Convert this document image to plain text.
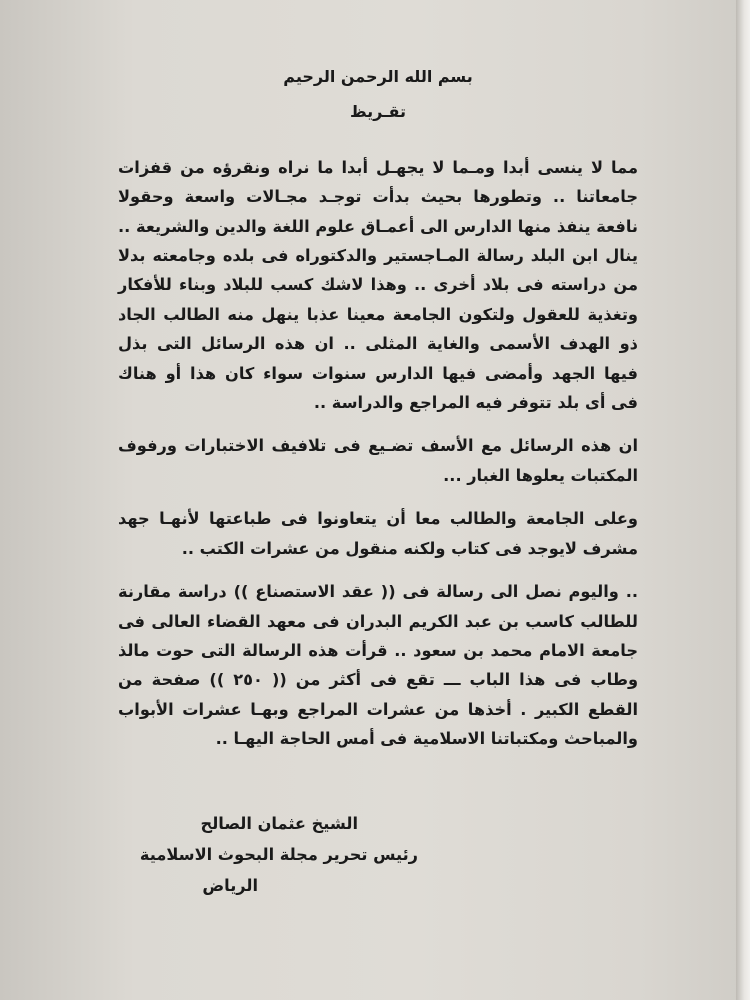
بسم الله الرحمن الرحيم
تقـريظ

مما لا ينسى أبدا ومـما لا يجهـل أبدا ما نراه ونقرؤه من قفزات جامعاتنا .. وتطورها بحيث بدأت توجـد مجـالات واسعة وحقولا نافعة ينفذ منها الدارس الى أعمـاق علوم اللغة والدين والشريعة .. ينال ابن البلد رسالة المـاجستير والدكتوراه فى بلده وجامعته بدلا من دراسته فى بلاد أخرى .. وهذا لاشك كسب للبلاد وبناء للأفكار وتغذية للعقول ولتكون الجامعة معينا عذبا ينهل منه الطالب الجاد ذو الهدف الأسمى والغاية المثلى .. ان هذه الرسائل التى بذل فيها الجهد وأمضى فيها الدارس سنوات سواء كان هذا أو هناك فى أى بلد تتوفر فيه المراجع والدراسة ..

ان هذه الرسائل مع الأسف تضـيع فى تلافيف الاختبارات ورفوف المكتبات يعلوها الغبار ...

وعلى الجامعة والطالب معا أن يتعاونوا فى طباعتها لأنهـا جهد مشرف لايوجد فى كتاب ولكنه منقول من عشرات الكتب ..

.. واليوم نصل الى رسالة فى (( عقد الاستصناع )) دراسة مقارنة للطالب كاسب بن عبد الكريم البدران فى معهد القضاء العالى فى جامعة الامام محمد بن سعود .. قرأت هذه الرسالة التى حوت مالذ وطاب فى هذا الباب ـــ تقع فى أكثر من (( ٢٥٠ )) صفحة من القطع الكبير . أخذها من عشرات المراجع وبهـا عشرات الأبواب والمباحث ومكتباتنا الاسلامية فى أمس الحاجة اليهـا ..

الشيخ عثمان الصالح
رئيس تحرير مجلة البحوث الاسلامية
الرياض
